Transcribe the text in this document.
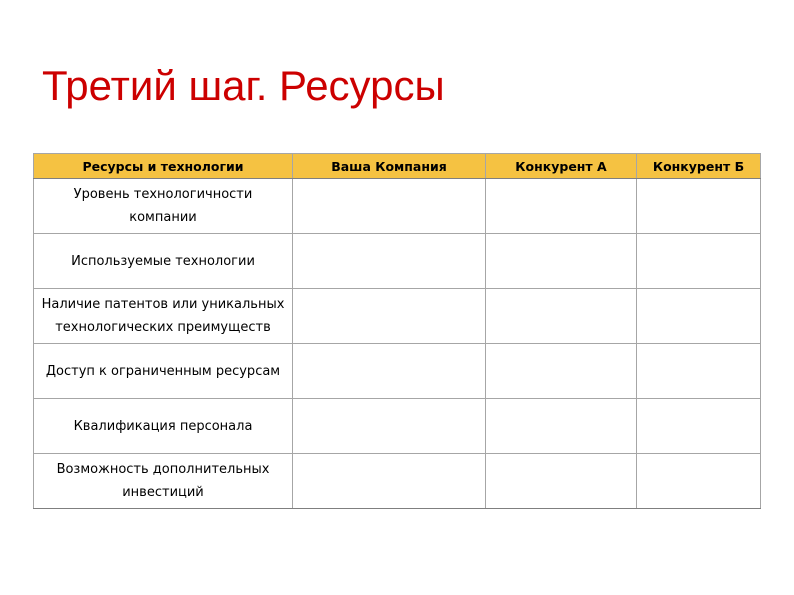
Третий шаг. Ресурсы
Ресурсы и технологии	Ваша Компания	Конкурент А	Конкурент Б
Уровень технологичности компании			
Используемые технологии			
Наличие патентов или уникальных технологических преимуществ			
Доступ к ограниченным ресурсам			
Квалификация персонала			
Возможность дополнительных инвестиций			
